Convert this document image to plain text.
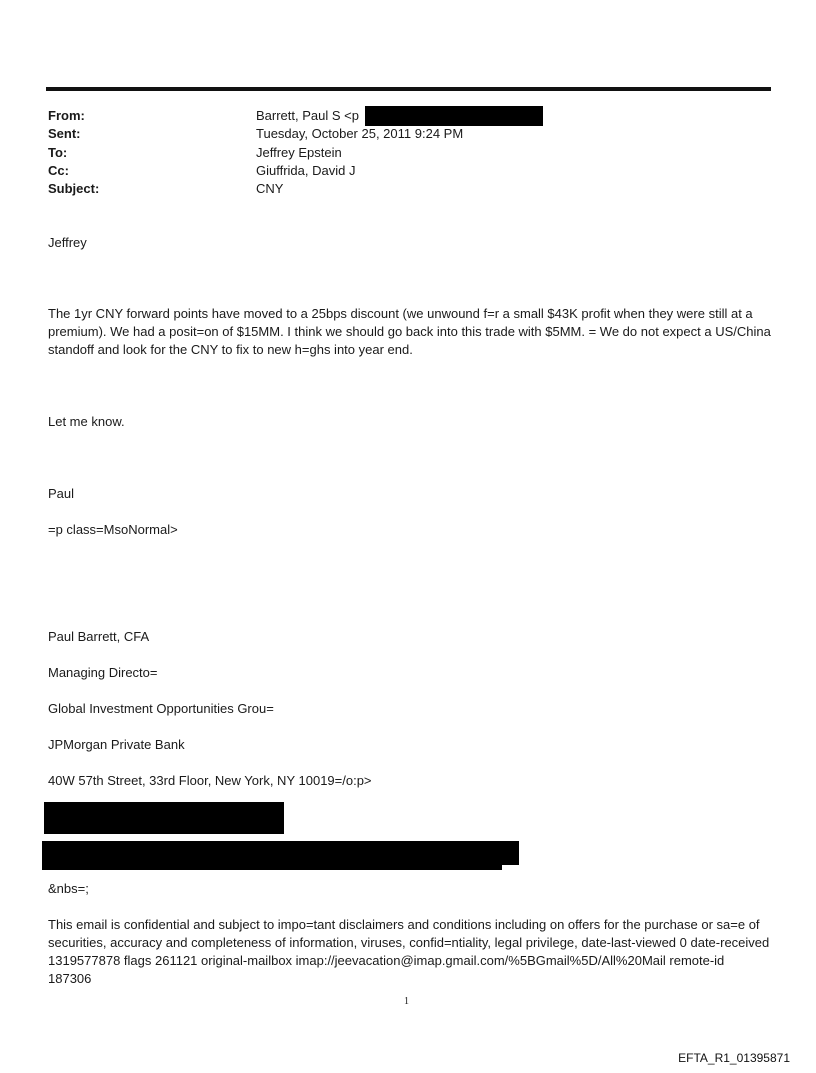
From:	Barrett, Paul S <p
Sent:	Tuesday, October 25, 2011 9:24 PM
To:	Jeffrey Epstein
Cc:	Giuffrida, David J
Subject:	CNY
Jeffrey
The 1yr CNY forward points have moved to a 25bps discount (we unwound f=r a small $43K profit when they were still at a premium). We had a posit=on of $15MM. I think we should go back into this trade with $5MM. = We do not expect a US/China standoff and look for the CNY to fix to new h=ghs into year end.
Let me know.
Paul
=p class=MsoNormal>
Paul Barrett, CFA
Managing Directo=
Global Investment Opportunities Grou=
JPMorgan Private Bank
40W 57th Street, 33rd Floor, New York, NY 10019=/o:p>
&nbs=;
This email is confidential and subject to impo=tant disclaimers and conditions including on offers for the purchase or sa=e of securities, accuracy and completeness of information, viruses, confid=ntiality, legal privilege, date-last-viewed 0 date-received 1319577878 flags 261121 original-mailbox imap://jeevacation@imap.gmail.com/%5BGmail%5D/All%20Mail remote-id 187306
1
EFTA_R1_01395871
